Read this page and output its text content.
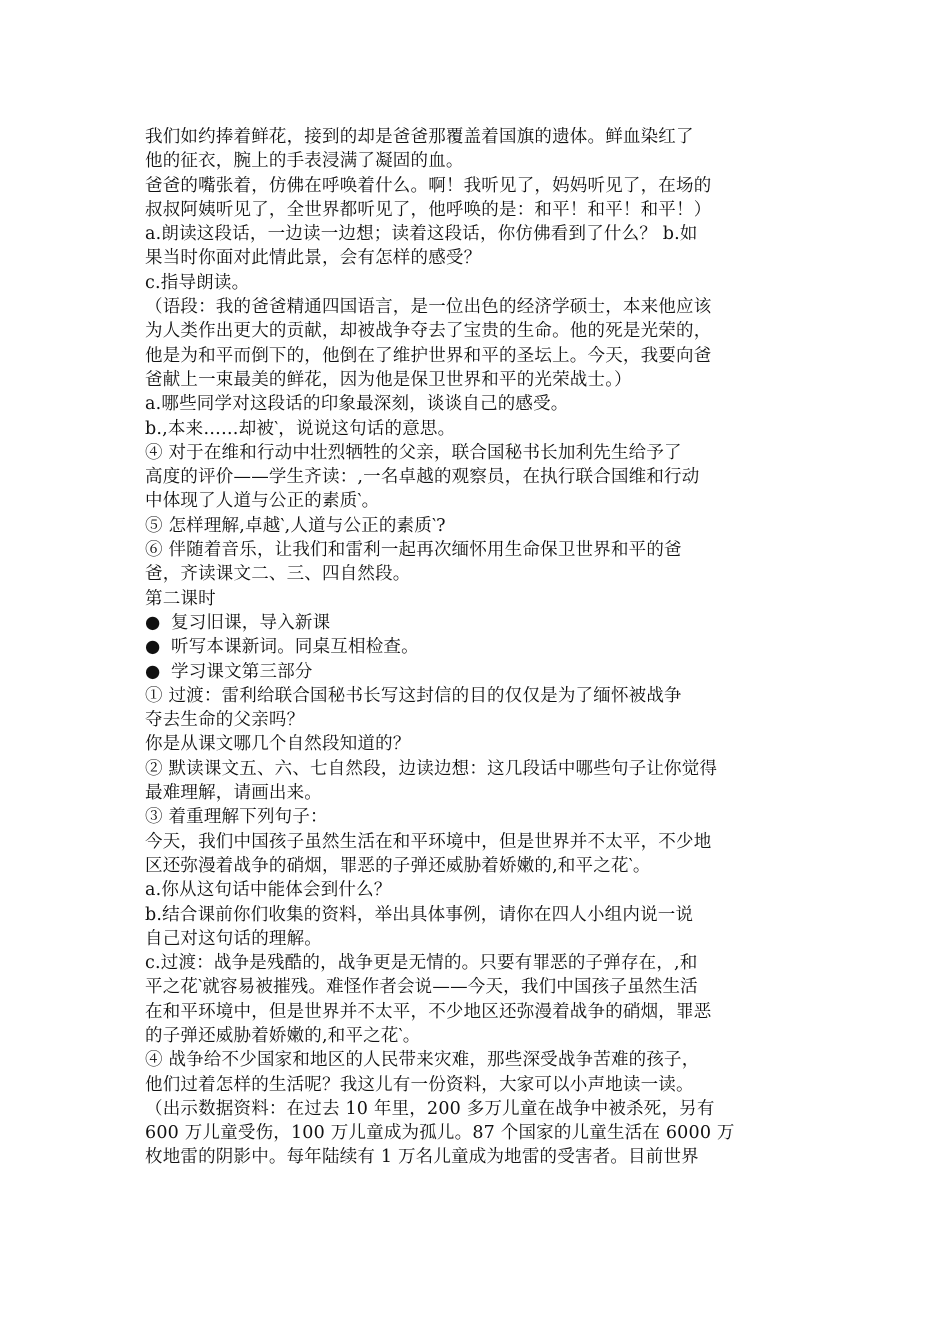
我们如约捧着鲜花，接到的却是爸爸那覆盖着国旗的遗体。鲜血染红了
他的征衣，腕上的手表浸满了凝固的血。
爸爸的嘴张着，仿佛在呼唤着什么。啊！我听见了，妈妈听见了，在场的
叔叔阿姨听见了，全世界都听见了，他呼唤的是：和平！和平！和平！）
a.朗读这段话，一边读一边想；读着这段话，你仿佛看到了什么？ b.如
果当时你面对此情此景，会有怎样的感受？
c.指导朗读。
（语段：我的爸爸精通四国语言，是一位出色的经济学硕士，本来他应该
为人类作出更大的贡献，却被战争夺去了宝贵的生命。他的死是光荣的，
他是为和平而倒下的，他倒在了维护世界和平的圣坛上。今天，我要向爸
爸献上一束最美的鲜花，因为他是保卫世界和平的光荣战士。）
a.哪些同学对这段话的印象最深刻，谈谈自己的感受。
b.,本来……却被‵，说说这句话的意思。
④ 对于在维和行动中壮烈牺牲的父亲，联合国秘书长加利先生给予了
高度的评价——学生齐读：,一名卓越的观察员，在执行联合国维和行动
中体现了人道与公正的素质‵。
⑤ 怎样理解,卓越‵,人道与公正的素质‵?
⑥ 伴随着音乐，让我们和雷利一起再次缅怀用生命保卫世界和平的爸
爸，齐读课文二、三、四自然段。
第二课时
● 复习旧课，导入新课
● 听写本课新词。同桌互相检查。
● 学习课文第三部分
① 过渡：雷利给联合国秘书长写这封信的目的仅仅是为了缅怀被战争
夺去生命的父亲吗？
你是从课文哪几个自然段知道的？
② 默读课文五、六、七自然段，边读边想：这几段话中哪些句子让你觉得
最难理解，请画出来。
③ 着重理解下列句子：
今天，我们中国孩子虽然生活在和平环境中，但是世界并不太平，不少地
区还弥漫着战争的硝烟，罪恶的子弹还威胁着娇嫩的,和平之花‵。
a.你从这句话中能体会到什么？
b.结合课前你们收集的资料，举出具体事例，请你在四人小组内说一说
自己对这句话的理解。
c.过渡：战争是残酷的，战争更是无情的。只要有罪恶的子弹存在，,和
平之花‵就容易被摧残。难怪作者会说——今天，我们中国孩子虽然生活
在和平环境中，但是世界并不太平，不少地区还弥漫着战争的硝烟，罪恶
的子弹还威胁着娇嫩的,和平之花‵。
④ 战争给不少国家和地区的人民带来灾难，那些深受战争苦难的孩子，
他们过着怎样的生活呢？我这儿有一份资料，大家可以小声地读一读。
（出示数据资料：在过去 10 年里，200 多万儿童在战争中被杀死，另有
600 万儿童受伤，100 万儿童成为孤儿。87 个国家的儿童生活在 6000 万
枚地雷的阴影中。每年陆续有 1 万名儿童成为地雷的受害者。目前世界
